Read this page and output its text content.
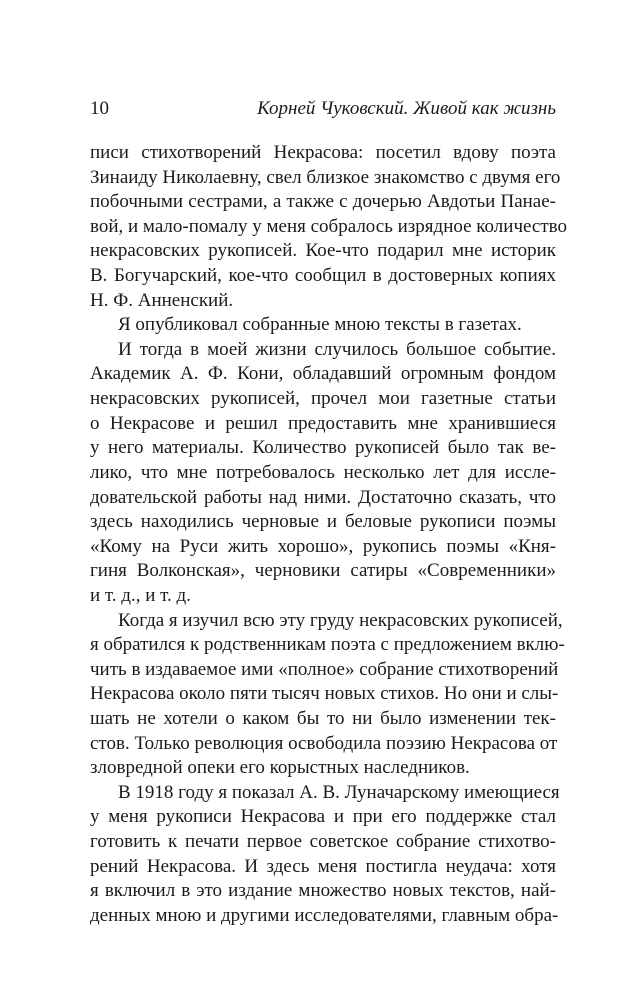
10	Корней Чуковский. Живой как жизнь
писи стихотворений Некрасова: посетил вдову поэта
Зинаиду Николаевну, свел близкое знакомство с двумя его
побочными сестрами, а также с дочерью Авдотьи Панае-
вой, и мало-помалу у меня собралось изрядное количество
некрасовских рукописей. Кое-что подарил мне историк
В. Богучарский, кое-что сообщил в достоверных копиях
Н. Ф. Анненский.
Я опубликовал собранные мною тексты в газетах.
И тогда в моей жизни случилось большое событие.
Академик А. Ф. Кони, обладавший огромным фондом
некрасовских рукописей, прочел мои газетные статьи
о Некрасове и решил предоставить мне хранившиеся
у него материалы. Количество рукописей было так ве-
лико, что мне потребовалось несколько лет для иссле-
довательской работы над ними. Достаточно сказать, что
здесь находились черновые и беловые рукописи поэмы
«Кому на Руси жить хорошо», рукопись поэмы «Кня-
гиня Волконская», черновики сатиры «Современники»
и т. д., и т. д.
Когда я изучил всю эту груду некрасовских рукописей,
я обратился к родственникам поэта с предложением вклю-
чить в издаваемое ими «полное» собрание стихотворений
Некрасова около пяти тысяч новых стихов. Но они и слы-
шать не хотели о каком бы то ни было изменении тек-
стов. Только революция освободила поэзию Некрасова от
зловредной опеки его корыстных наследников.
В 1918 году я показал А. В. Луначарскому имеющиеся
у меня рукописи Некрасова и при его поддержке стал
готовить к печати первое советское собрание стихотво-
рений Некрасова. И здесь меня постигла неудача: хотя
я включил в это издание множество новых текстов, най-
денных мною и другими исследователями, главным обра-
